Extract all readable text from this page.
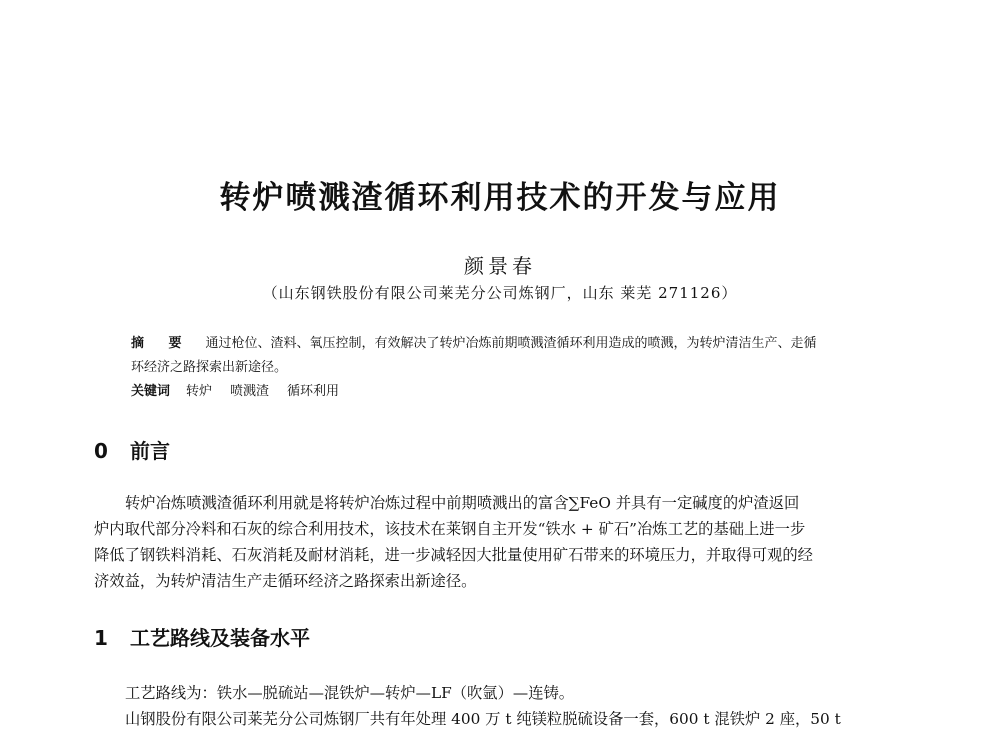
转炉喷溅渣循环利用技术的开发与应用
颜景春
（山东钢铁股份有限公司莱芜分公司炼钢厂，山东 莱芜 271126）
摘 要 通过枪位、渣料、氧压控制，有效解决了转炉冶炼前期喷溅渣循环利用造成的喷溅，为转炉清洁生产、走循
环经济之路探索出新途径。
关键词 转炉 喷溅渣 循环利用
0 前言
转炉冶炼喷溅渣循环利用就是将转炉冶炼过程中前期喷溅出的富含∑FeO 并具有一定碱度的炉渣返回
炉内取代部分冷料和石灰的综合利用技术，该技术在莱钢自主开发“铁水 + 矿石”冶炼工艺的基础上进一步
降低了钢铁料消耗、石灰消耗及耐材消耗，进一步减轻因大批量使用矿石带来的环境压力，并取得可观的经
济效益，为转炉清洁生产走循环经济之路探索出新途径。
1 工艺路线及装备水平
工艺路线为：铁水—脱硫站—混铁炉—转炉—LF（吹氩）—连铸。
山钢股份有限公司莱芜分公司炼钢厂共有年处理 400 万 t 纯镁粒脱硫设备一套，600 t 混铁炉 2 座，50 t
